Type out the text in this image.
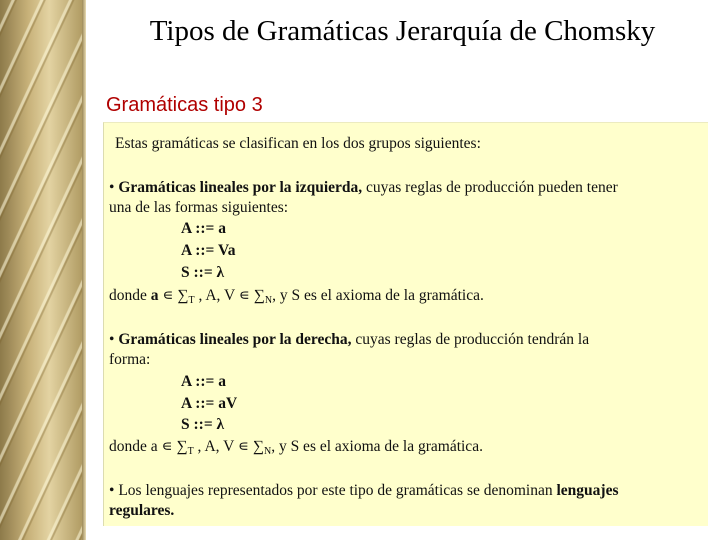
Tipos de Gramáticas Jerarquía de Chomsky
Gramáticas tipo 3
Estas gramáticas se clasifican en los dos grupos siguientes:
• Gramáticas lineales por la izquierda, cuyas reglas de producción pueden tener
una de las formas siguientes:
A ::= a
A ::= Va
S ::= λ
donde a ∊ $\sum_T$ , A, V ∊ $\sum_N$, y S es el axioma de la gramática.
• Gramáticas lineales por la derecha, cuyas reglas de producción tendrán la
forma:
A ::= a
A ::= aV
S ::= λ
donde a ∊ $\sum_T$ , A, V ∊ $\sum_N$, y S es el axioma de la gramática.
• Los lenguajes representados por este tipo de gramáticas se denominan lenguajes
regulares.
